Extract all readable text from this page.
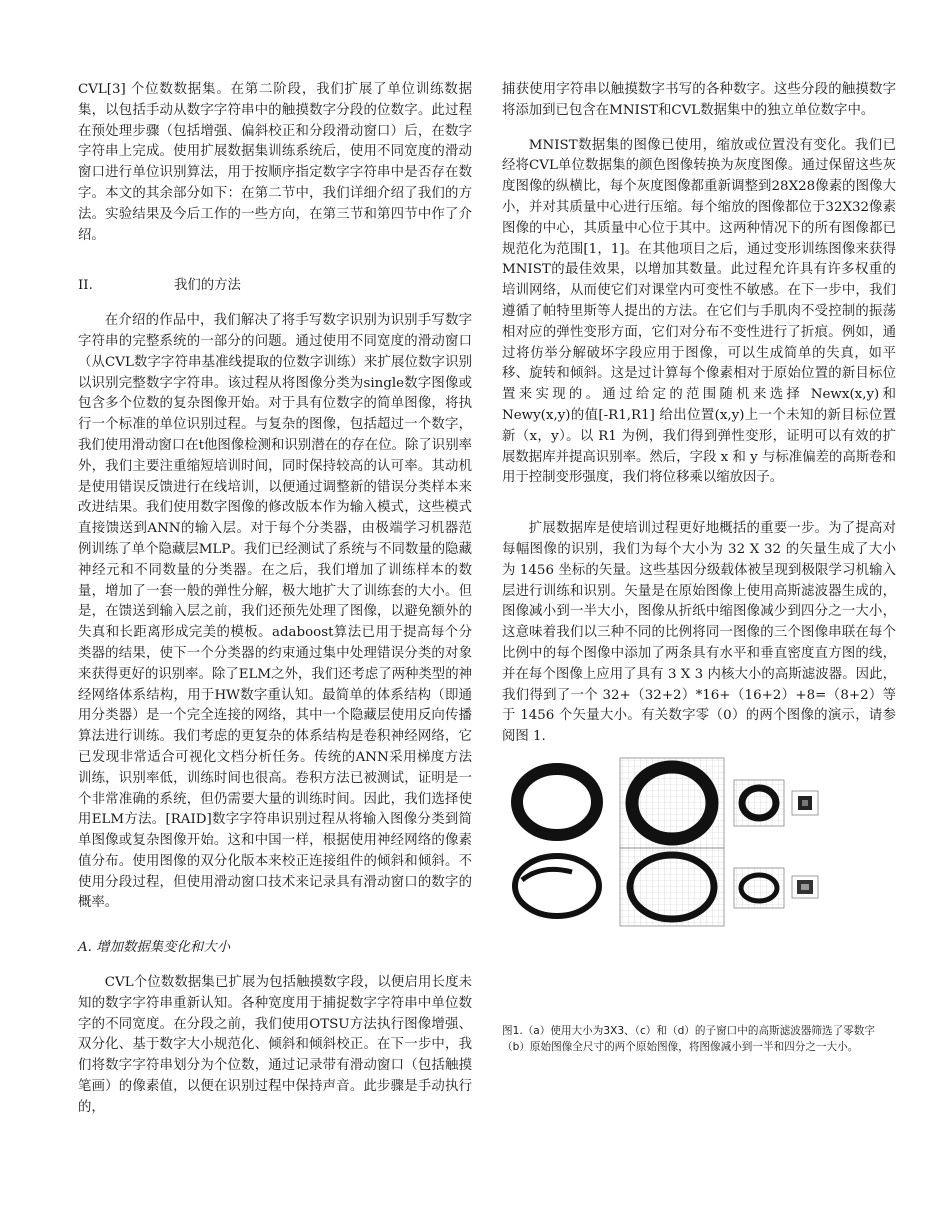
CVL[3] 个位数数据集。在第二阶段，我们扩展了单位训练数据集，以包括手动从数字字符串中的触摸数字分段的位数字。此过程在预处理步骤（包括增强、偏斜校正和分段滑动窗口）后，在数字字符串上完成。使用扩展数据集训练系统后，使用不同宽度的滑动窗口进行单位识别算法，用于按顺序指定数字字符串中是否存在数字。本文的其余部分如下：在第二节中，我们详细介绍了我们的方法。实验结果及今后工作的一些方向，在第三节和第四节中作了介绍。

II.	我们的方法

在介绍的作品中，我们解决了将手写数字识别为识别手写数字字符串的完整系统的一部分的问题。通过使用不同宽度的滑动窗口（从CVL数字字符串基准线提取的位数字训练）来扩展位数字识别以识别完整数字字符串。该过程从将图像分类为single数字图像或包含多个位数的复杂图像开始。对于具有位数字的简单图像，将执行一个标准的单位识别过程。与复杂的图像，包括超过一个数字，我们使用滑动窗口在t他图像检测和识别潜在的存在位。除了识别率外，我们主要注重缩短培训时间，同时保持较高的认可率。其动机是使用错误反馈进行在线培训，以便通过调整新的错误分类样本来改进结果。我们使用数字图像的修改版本作为输入模式，这些模式直接馈送到ANN的输入层。对于每个分类器，由极端学习机器范例训练了单个隐藏层MLP。我们已经测试了系统与不同数量的隐藏神经元和不同数量的分类器。在之后，我们增加了训练样本的数量，增加了一套一般的弹性分解，极大地扩大了训练套的大小。但是，在馈送到输入层之前，我们还预先处理了图像，以避免额外的失真和长距离形成完美的模板。adaboost算法已用于提高每个分类器的结果，使下一个分类器的约束通过集中处理错误分类的对象来获得更好的识别率。除了ELM之外，我们还考虑了两种类型的神经网络体系结构，用于HW数字重认知。最简单的体系结构（即通用分类器）是一个完全连接的网络，其中一个隐藏层使用反向传播算法进行训练。我们考虑的更复杂的体系结构是卷积神经网络，它已发现非常适合可视化文档分析任务。传统的ANN采用梯度方法训练，识别率低，训练时间也很高。卷积方法已被测试，证明是一个非常准确的系统，但仍需要大量的训练时间。因此，我们选择使用ELM方法。[RAID]数字字符串识别过程从将输入图像分类到简单图像或复杂图像开始。这和中国一样，根据使用神经网络的像素值分布。使用图像的双分化版本来校正连接组件的倾斜和倾斜。不使用分段过程，但使用滑动窗口技术来记录具有滑动窗口的数字的概率。

A. 增加数据集变化和大小

CVL个位数数据集已扩展为包括触摸数字段，以便启用长度未知的数字字符串重新认知。各种宽度用于捕捉数字字符串中单位数字的不同宽度。在分段之前，我们使用OTSU方法执行图像增强、双分化、基于数字大小规范化、倾斜和倾斜校正。在下一步中，我们将数字字符串划分为个位数，通过记录带有滑动窗口（包括触摸笔画）的像素值，以便在识别过程中保持声音。此步骤是手动执行的，

捕获使用字符串以触摸数字书写的各种数字。这些分段的触摸数字将添加到已包含在MNIST和CVL数据集中的独立单位数字中。

MNIST数据集的图像已使用，缩放或位置没有变化。我们已经将CVL单位数据集的颜色图像转换为灰度图像。通过保留这些灰度图像的纵横比，每个灰度图像都重新调整到28X28像素的图像大小，并对其质量中心进行压缩。每个缩放的图像都位于32X32像素图像的中心，其质量中心位于其中。这两种情况下的所有图像都已规范化为范围[1，1]。在其他项目之后，通过变形训练图像来获得MNIST的最佳效果，以增加其数量。此过程允许具有许多权重的培训网络，从而使它们对课堂内可变性不敏感。在下一步中，我们遵循了帕特里斯等人提出的方法。在它们与手肌肉不受控制的振荡相对应的弹性变形方面，它们对分布不变性进行了折痕。例如，通过将仿举分解破坏字段应用于图像，可以生成简单的失真，如平移、旋转和倾斜。这是过计算每个像素相对于原始位置的新目标位置来实现的。通过给定的范围随机来选择 Newx(x,y)和 Newy(x,y)的值[-R1,R1] 给出位置(x,y)上一个未知的新目标位置新（x，y）。以 R1 为例，我们得到弹性变形，证明可以有效的扩展数据库并提高识别率。然后，字段 x 和 y 与标准偏差的高斯卷和用于控制变形强度，我们将位移乘以缩放因子。

扩展数据库是使培训过程更好地概括的重要一步。为了提高对每幅图像的识别，我们为每个大小为 32 X 32 的矢量生成了大小为 1456 坐标的矢量。这些基因分级载体被呈现到极限学习机输入层进行训练和识别。矢量是在原始图像上使用高斯滤波器生成的，图像减小到一半大小，图像从折纸中缩图像减少到四分之一大小，这意味着我们以三种不同的比例将同一图像的三个图像串联在每个比例中的每个图像中添加了两条具有水平和垂直密度直方图的线，并在每个图像上应用了具有 3 X 3 内核大小的高斯滤波器。因此，我们得到了一个 32+（32+2）*16+（16+2）+8=（8+2）等于 1456 个矢量大小。有关数字零（0）的两个图像的演示，请参阅图 1.

图1.（a）使用大小为3X3、（c）和（d）的子窗口中的高斯滤波器筛选了零数字（b）原始图像全尺寸的两个原始图像，将图像减小到一半和四分之一大小。
